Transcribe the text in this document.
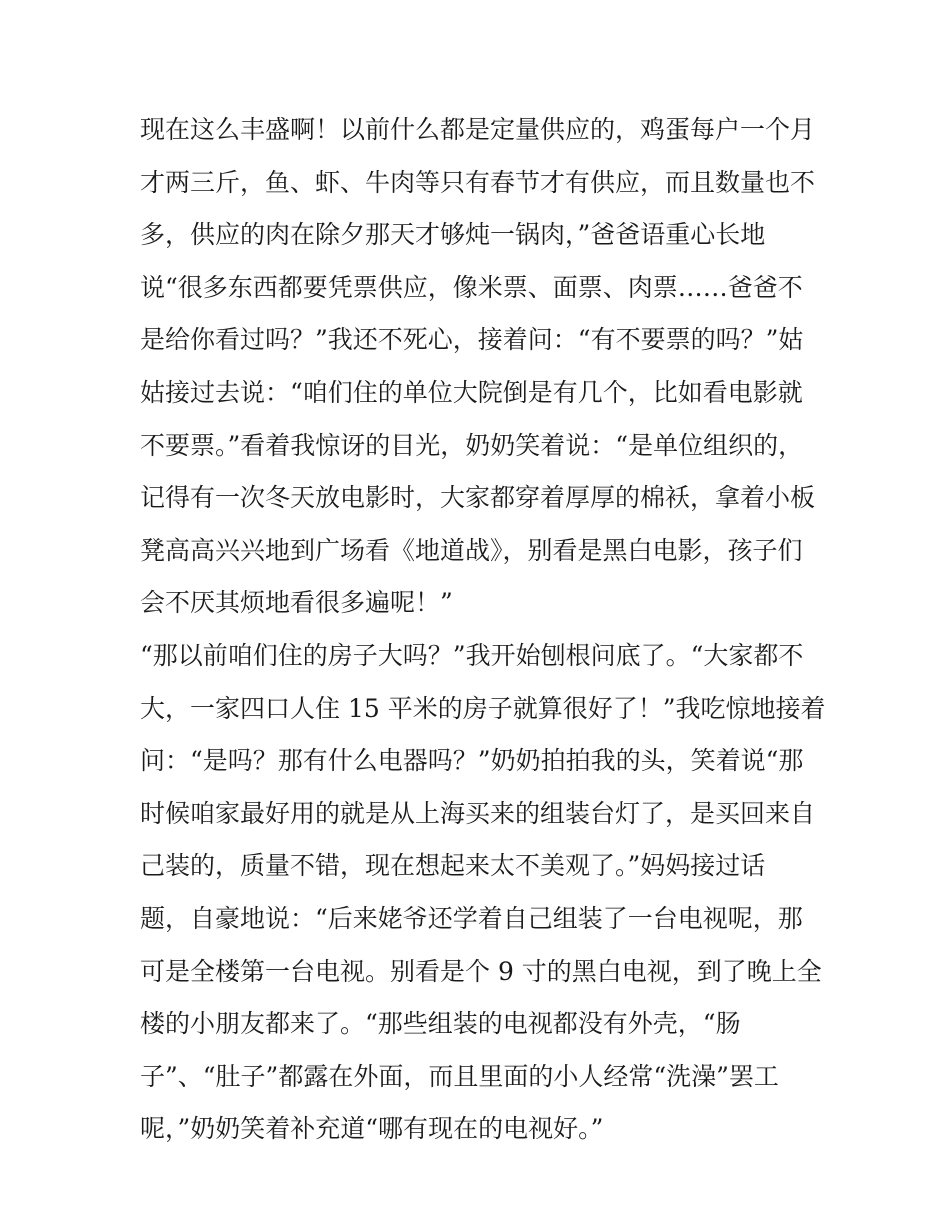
现在这么丰盛啊！以前什么都是定量供应的，鸡蛋每户一个月
才两三斤，鱼、虾、牛肉等只有春节才有供应，而且数量也不
多，供应的肉在除夕那天才够炖一锅肉，”爸爸语重心长地
说“很多东西都要凭票供应，像米票、面票、肉票……爸爸不
是给你看过吗？”我还不死心，接着问：“有不要票的吗？”姑
姑接过去说：“咱们住的单位大院倒是有几个，比如看电影就
不要票。”看着我惊讶的目光，奶奶笑着说：“是单位组织的，
记得有一次冬天放电影时，大家都穿着厚厚的棉袄，拿着小板
凳高高兴兴地到广场看《地道战》，别看是黑白电影，孩子们
会不厌其烦地看很多遍呢！”
“那以前咱们住的房子大吗？”我开始刨根问底了。“大家都不
大，一家四口人住 15 平米的房子就算很好了！”我吃惊地接着
问：“是吗？那有什么电器吗？”奶奶拍拍我的头，笑着说“那
时候咱家最好用的就是从上海买来的组装台灯了，是买回来自
己装的，质量不错，现在想起来太不美观了。”妈妈接过话
题，自豪地说：“后来姥爷还学着自己组装了一台电视呢，那
可是全楼第一台电视。别看是个 9 寸的黑白电视，到了晚上全
楼的小朋友都来了。“那些组装的电视都没有外壳，“肠
子”、“肚子”都露在外面，而且里面的小人经常“洗澡”罢工
呢，”奶奶笑着补充道“哪有现在的电视好。”
